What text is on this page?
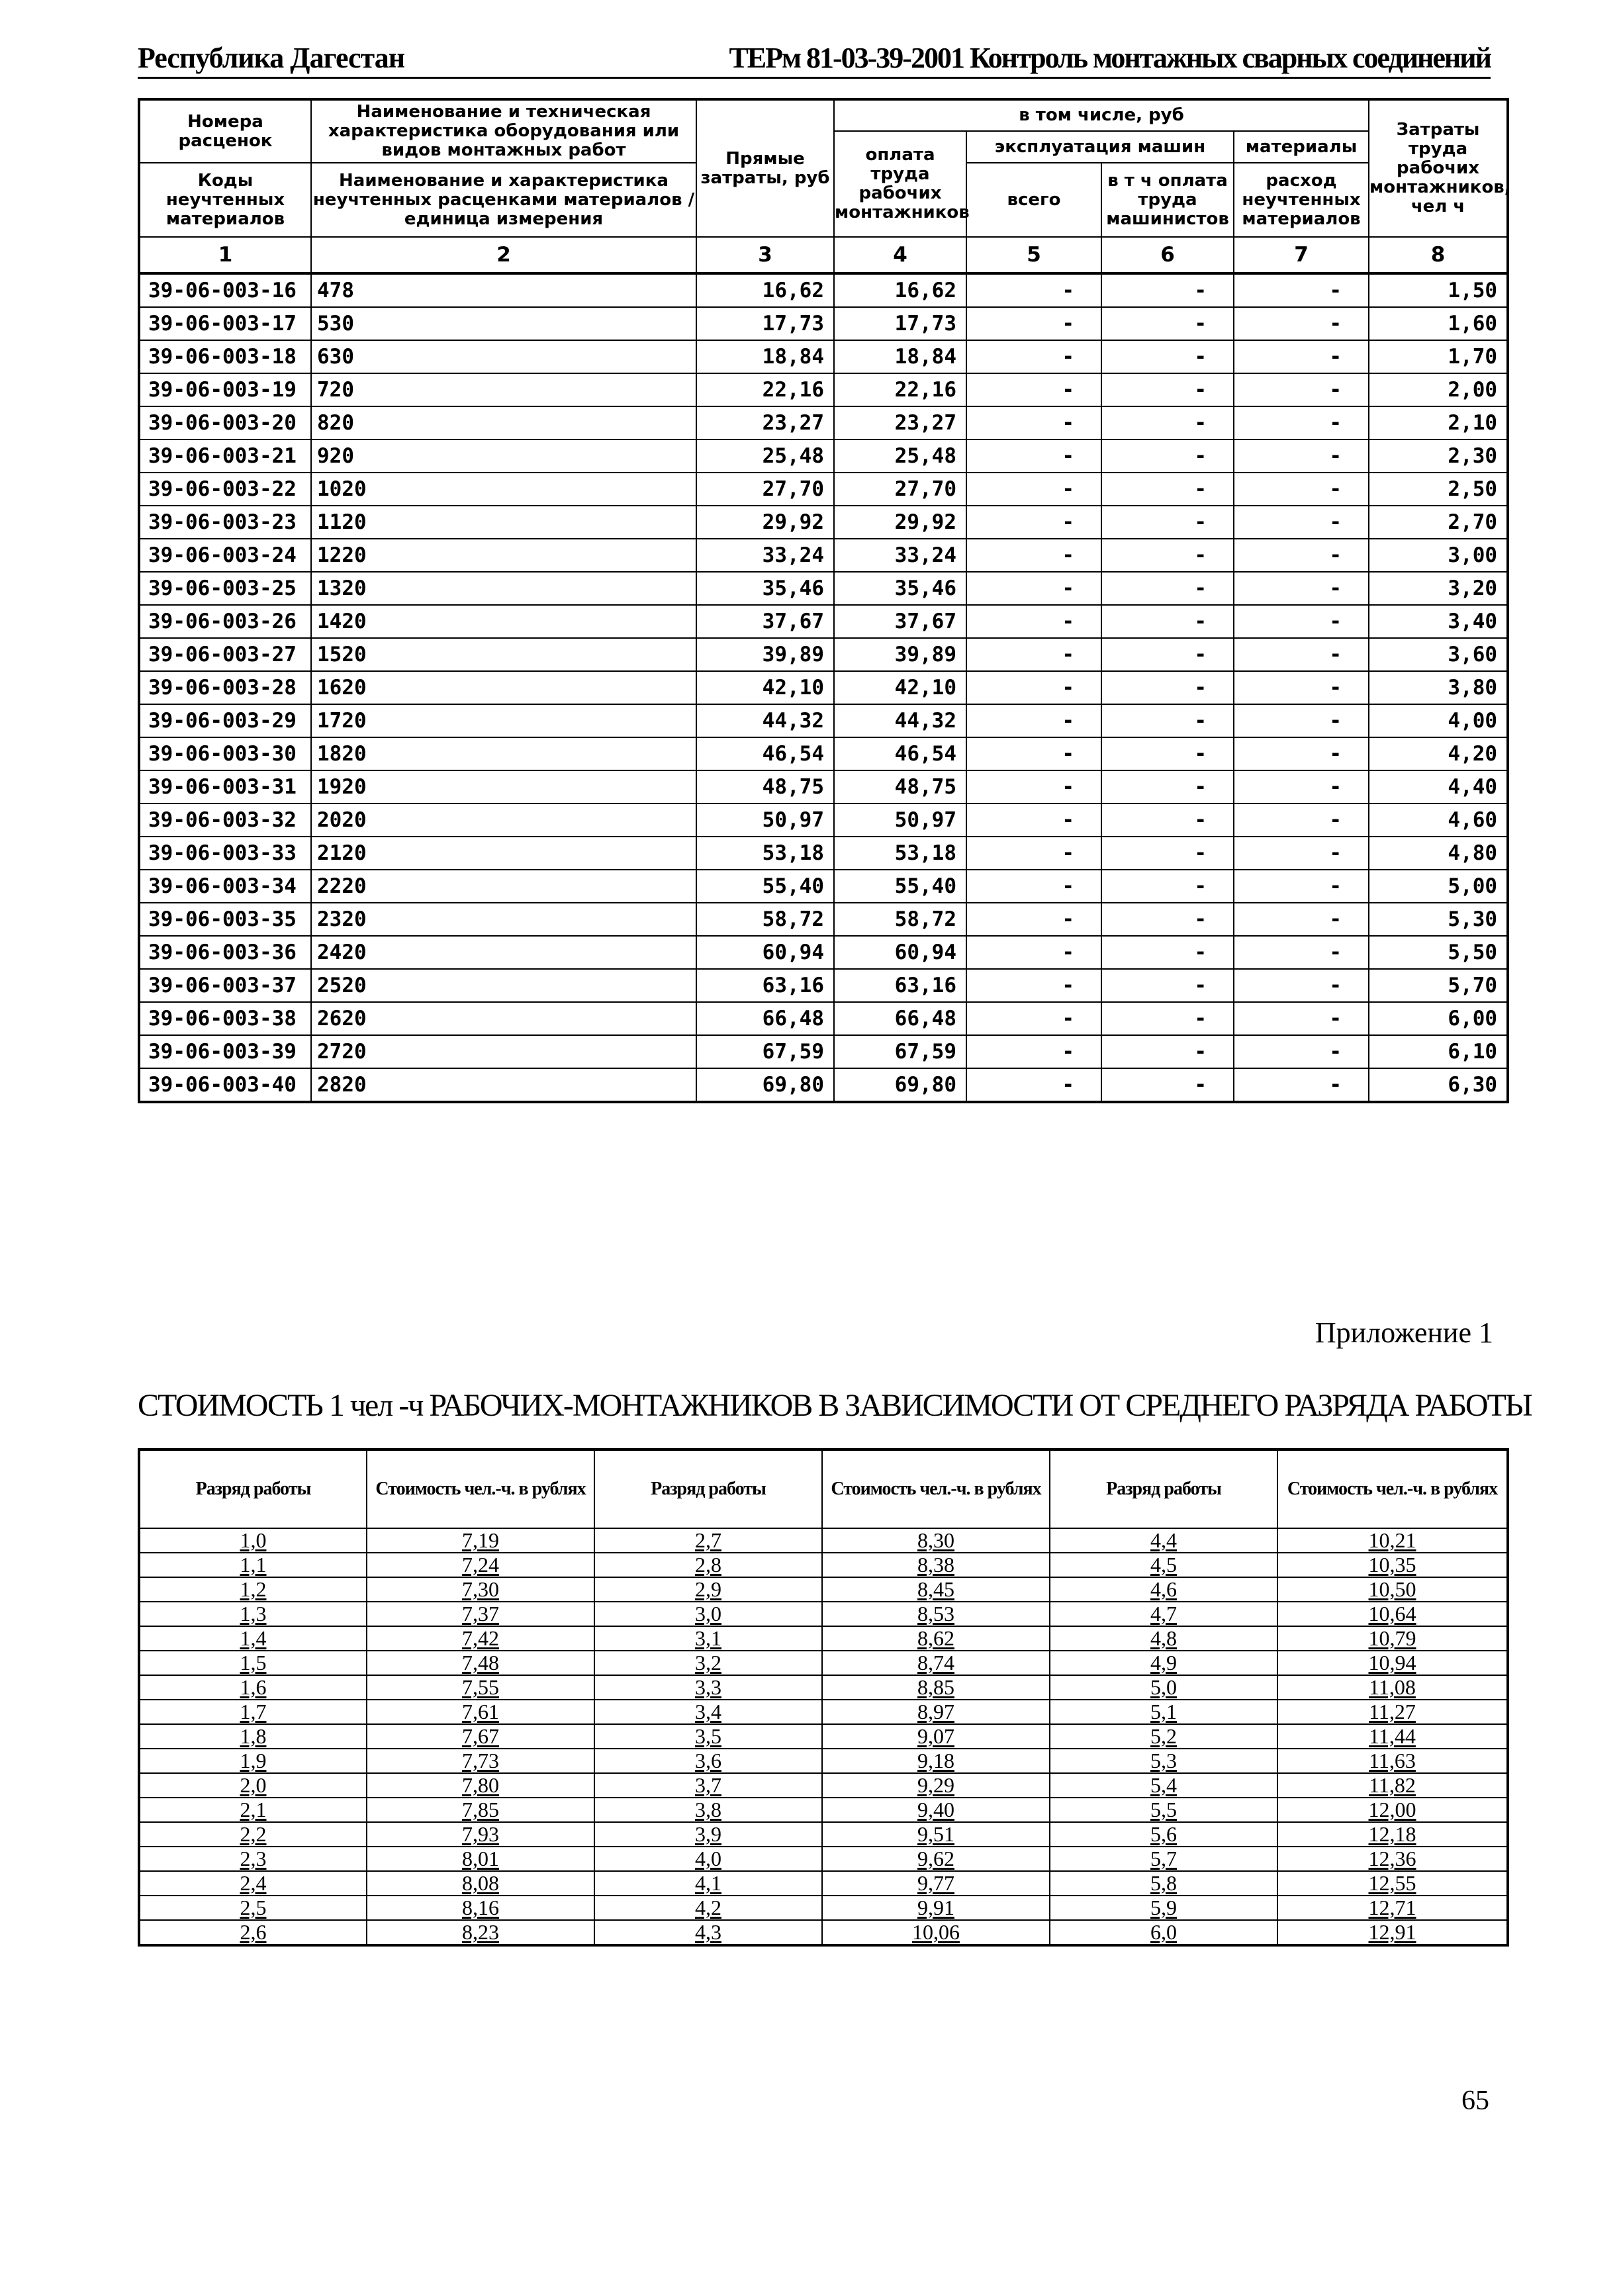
Республика Дагестан	ТЕРм 81-03-39-2001 Контроль монтажных сварных соединений
Номера расценок	Наименование и техническая характеристика оборудования или видов монтажных работ	Прямые затраты, руб	в том числе, руб				Затраты труда рабочих монтажников, чел ч
			оплата труда рабочих монтажников	эксплуатация машин		материалы	
Коды неучтенных материалов	Наименование и характеристика неучтенных расценками материалов / единица измерения			всего	в т ч оплата труда машинистов	расход неучтенных материалов	
1	2	3	4	5	6	7	8
39-06-003-16	478	16,62	16,62	-	-	-	1,50
39-06-003-17	530	17,73	17,73	-	-	-	1,60
39-06-003-18	630	18,84	18,84	-	-	-	1,70
39-06-003-19	720	22,16	22,16	-	-	-	2,00
39-06-003-20	820	23,27	23,27	-	-	-	2,10
39-06-003-21	920	25,48	25,48	-	-	-	2,30
39-06-003-22	1020	27,70	27,70	-	-	-	2,50
39-06-003-23	1120	29,92	29,92	-	-	-	2,70
39-06-003-24	1220	33,24	33,24	-	-	-	3,00
39-06-003-25	1320	35,46	35,46	-	-	-	3,20
39-06-003-26	1420	37,67	37,67	-	-	-	3,40
39-06-003-27	1520	39,89	39,89	-	-	-	3,60
39-06-003-28	1620	42,10	42,10	-	-	-	3,80
39-06-003-29	1720	44,32	44,32	-	-	-	4,00
39-06-003-30	1820	46,54	46,54	-	-	-	4,20
39-06-003-31	1920	48,75	48,75	-	-	-	4,40
39-06-003-32	2020	50,97	50,97	-	-	-	4,60
39-06-003-33	2120	53,18	53,18	-	-	-	4,80
39-06-003-34	2220	55,40	55,40	-	-	-	5,00
39-06-003-35	2320	58,72	58,72	-	-	-	5,30
39-06-003-36	2420	60,94	60,94	-	-	-	5,50
39-06-003-37	2520	63,16	63,16	-	-	-	5,70
39-06-003-38	2620	66,48	66,48	-	-	-	6,00
39-06-003-39	2720	67,59	67,59	-	-	-	6,10
39-06-003-40	2820	69,80	69,80	-	-	-	6,30
Приложение 1
СТОИМОСТЬ 1 чел -ч РАБОЧИХ-МОНТАЖНИКОВ В ЗАВИСИМОСТИ ОТ СРЕДНЕГО РАЗРЯДА РАБОТЫ
Разряд работы	Стоимость чел.-ч. в рублях	Разряд работы	Стоимость чел.-ч. в рублях	Разряд работы	Стоимость чел.-ч. в рублях
1,0	7,19	2,7	8,30	4,4	10,21
1,1	7,24	2,8	8,38	4,5	10,35
1,2	7,30	2,9	8,45	4,6	10,50
1,3	7,37	3,0	8,53	4,7	10,64
1,4	7,42	3,1	8,62	4,8	10,79
1,5	7,48	3,2	8,74	4,9	10,94
1,6	7,55	3,3	8,85	5,0	11,08
1,7	7,61	3,4	8,97	5,1	11,27
1,8	7,67	3,5	9,07	5,2	11,44
1,9	7,73	3,6	9,18	5,3	11,63
2,0	7,80	3,7	9,29	5,4	11,82
2,1	7,85	3,8	9,40	5,5	12,00
2,2	7,93	3,9	9,51	5,6	12,18
2,3	8,01	4,0	9,62	5,7	12,36
2,4	8,08	4,1	9,77	5,8	12,55
2,5	8,16	4,2	9,91	5,9	12,71
2,6	8,23	4,3	10,06	6,0	12,91
65
